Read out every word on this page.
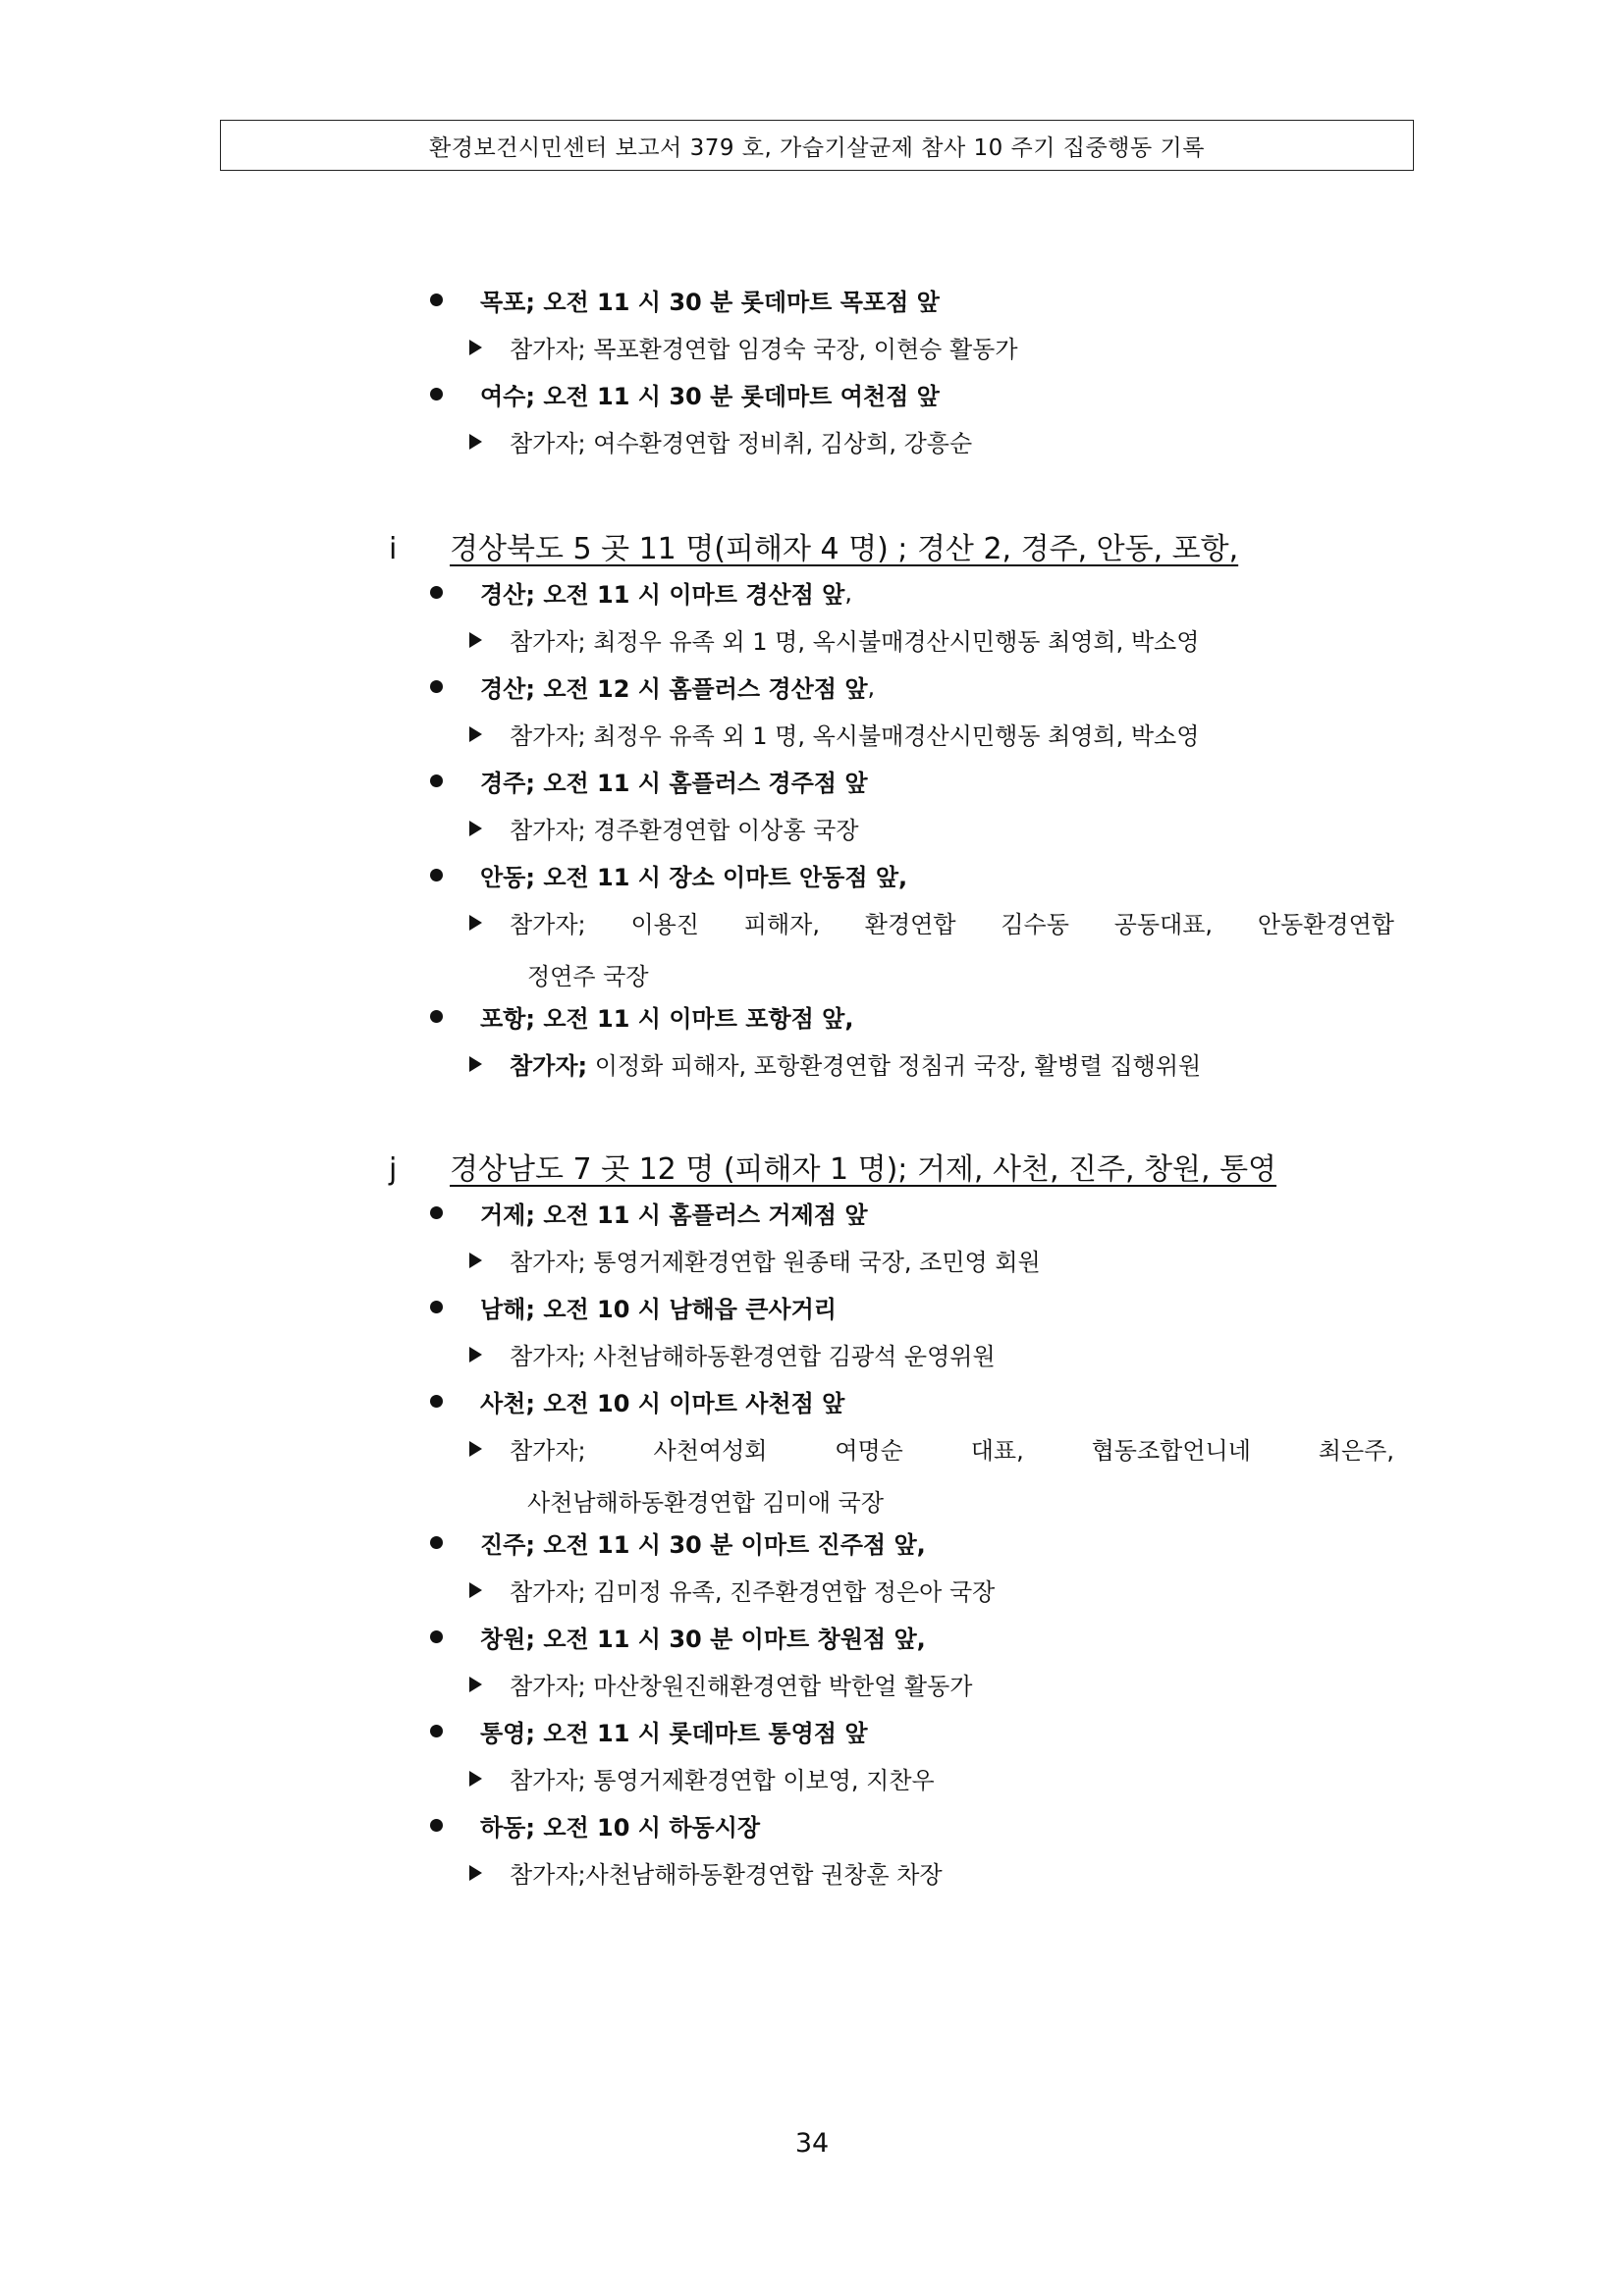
환경보건시민센터 보고서 379 호, 가습기살균제 참사 10 주기 집중행동 기록
목포; 오전 11 시 30 분 롯데마트 목포점 앞
참가자; 목포환경연합 임경숙 국장, 이현승 활동가
여수; 오전 11 시 30 분 롯데마트 여천점 앞
참가자; 여수환경연합 정비취, 김상희, 강흥순
i	경상북도 5 곳 11 명(피해자 4 명) ; 경산 2, 경주, 안동, 포항,
경산; 오전 11 시 이마트 경산점 앞 ,
참가자; 최정우 유족 외 1 명, 옥시불매경산시민행동 최영희, 박소영
경산; 오전 12 시 홈플러스 경산점 앞 ,
참가자; 최정우 유족 외 1 명, 옥시불매경산시민행동 최영희, 박소영
경주; 오전 11 시 홈플러스 경주점 앞
참가자; 경주환경연합 이상홍 국장
안동; 오전 11 시 장소 이마트 안동점 앞,
참가자; 이용진 피해자, 환경연합 김수동 공동대표, 안동환경연합
정연주 국장
포항; 오전 11 시 이마트 포항점 앞,
참가자; 이정화 피해자, 포항환경연합 정침귀 국장, 활병렬 집행위원
j	경상남도 7 곳 12 명 (피해자 1 명); 거제, 사천, 진주, 창원, 통영
거제; 오전 11 시 홈플러스 거제점 앞
참가자; 통영거제환경연합 원종태 국장, 조민영 회원
남해; 오전 10 시 남해읍 큰사거리
참가자; 사천남해하동환경연합 김광석 운영위원
사천; 오전 10 시 이마트 사천점 앞
참가자;	사천여성회	여명순	대표,	협동조합언니네	최은주,
사천남해하동환경연합 김미애 국장
진주; 오전 11 시 30 분 이마트 진주점 앞,
참가자; 김미정 유족, 진주환경연합 정은아 국장
창원; 오전 11 시 30 분 이마트 창원점 앞,
참가자; 마산창원진해환경연합 박한얼 활동가
통영; 오전 11 시 롯데마트 통영점 앞
참가자; 통영거제환경연합 이보영, 지찬우
하동; 오전 10 시 하동시장
참가자;사천남해하동환경연합 권창훈 차장
34
